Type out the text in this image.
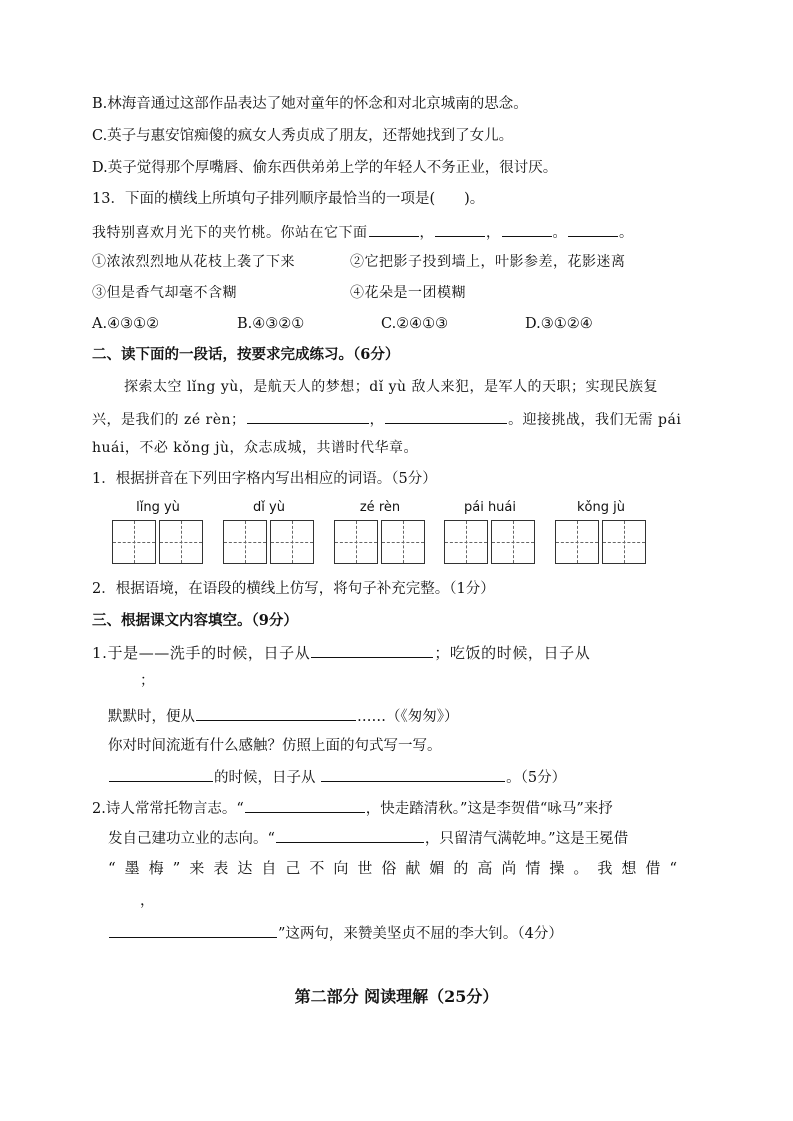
B.林海音通过这部作品表达了她对童年的怀念和对北京城南的思念。
C.英子与惠安馆痴傻的疯女人秀贞成了朋友，还帮她找到了女儿。
D.英子觉得那个厚嘴唇、偷东西供弟弟上学的年轻人不务正业，很讨厌。
13．下面的横线上所填句子排列顺序最恰当的一项是(　　)。
我特别喜欢月光下的夹竹桃。你站在它下面	，	，	。	。
①浓浓烈烈地从花枝上袭了下来	②它把影子投到墙上，叶影参差，花影迷离
③但是香气却毫不含糊	④花朵是一团模糊
A.④③①②	B.④③②①	C.②④①③	D.③①②④
二、读下面的一段话，按要求完成练习。（6分）
探索太空 lǐng yù，是航天人的梦想；dǐ yù 敌人来犯，是军人的天职；实现民族复
兴，是我们的 zé rèn；	，	。迎接挑战，我们无需 pái
huái，不必 kǒng jù，众志成城，共谱时代华章。
1．根据拼音在下列田字格内写出相应的词语。（5分）
lǐng yù	dǐ yù	zé rèn	pái huái	kǒng jù
2．根据语境，在语段的横线上仿写，将句子补充完整。（1分）
三、根据课文内容填空。（9分）
1.于是——洗手的时候，日子从	；吃饭的时候，日子从
；
默默时，便从	……（《匆匆》）
你对时间流逝有什么感触？仿照上面的句式写一写。
的时候，日子从	。（5分）
2.诗人常常托物言志。“	，快走踏清秋。”这是李贺借“咏马”来抒
发自己建功立业的志向。“	，只留清气满乾坤。”这是王冕借
“墨梅”来表达自己不向世俗献媚的高尚情操。我想借“
，
”这两句，来赞美坚贞不屈的李大钊。（4分）
第二部分 阅读理解（25分）
